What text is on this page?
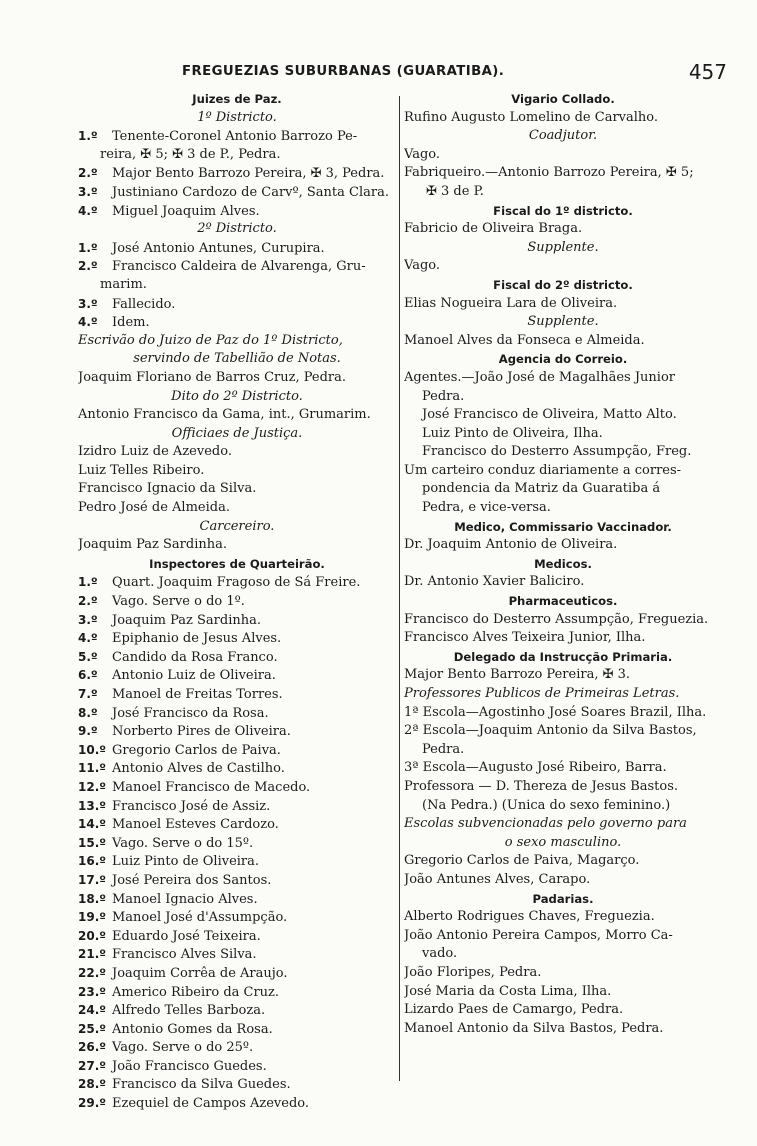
FREGUEZIAS SUBURBANAS (GUARATIBA).	457
Juizes de Paz.
1º Districto.
1.º Tenente-Coronel Antonio Barrozo Pe-
reira, ✠ 5; ✠ 3 de P., Pedra.
2.º Major Bento Barrozo Pereira, ✠ 3, Pedra.
3.º Justiniano Cardozo de Carvº, Santa Clara.
4.º Miguel Joaquim Alves.
2º Districto.
1.º José Antonio Antunes, Curupira.
2.º Francisco Caldeira de Alvarenga, Gru-
marim.
3.º Fallecido.
4.º Idem.
Escrivão do Juizo de Paz do 1º Districto,
servindo de Tabellião de Notas.
Joaquim Floriano de Barros Cruz, Pedra.
Dito do 2º Districto.
Antonio Francisco da Gama, int., Grumarim.
Officiaes de Justiça.
Izidro Luiz de Azevedo.
Luiz Telles Ribeiro.
Francisco Ignacio da Silva.
Pedro José de Almeida.
Carcereiro.
Joaquim Paz Sardinha.
Inspectores de Quarteirão.
1.º Quart. Joaquim Fragoso de Sá Freire.
2.º Vago. Serve o do 1º.
3.º Joaquim Paz Sardinha.
4.º Epiphanio de Jesus Alves.
5.º Candido da Rosa Franco.
6.º Antonio Luiz de Oliveira.
7.º Manoel de Freitas Torres.
8.º José Francisco da Rosa.
9.º Norberto Pires de Oliveira.
10.º Gregorio Carlos de Paiva.
11.º Antonio Alves de Castilho.
12.º Manoel Francisco de Macedo.
13.º Francisco José de Assiz.
14.º Manoel Esteves Cardozo.
15.º Vago. Serve o do 15º.
16.º Luiz Pinto de Oliveira.
17.º José Pereira dos Santos.
18.º Manoel Ignacio Alves.
19.º Manoel José d'Assumpção.
20.º Eduardo José Teixeira.
21.º Francisco Alves Silva.
22.º Joaquim Corrêa de Araujo.
23.º Americo Ribeiro da Cruz.
24.º Alfredo Telles Barboza.
25.º Antonio Gomes da Rosa.
26.º Vago. Serve o do 25º.
27.º João Francisco Guedes.
28.º Francisco da Silva Guedes.
29.º Ezequiel de Campos Azevedo.
Vigario Collado.
Rufino Augusto Lomelino de Carvalho.
Coadjutor.
Vago.
Fabriqueiro.—Antonio Barrozo Pereira, ✠ 5;
✠ 3 de P.
Fiscal do 1º districto.
Fabricio de Oliveira Braga.
Supplente.
Vago.
Fiscal do 2º districto.
Elias Nogueira Lara de Oliveira.
Supplente.
Manoel Alves da Fonseca e Almeida.
Agencia do Correio.
Agentes.—João José de Magalhães Junior
Pedra.
José Francisco de Oliveira, Matto Alto.
Luiz Pinto de Oliveira, Ilha.
Francisco do Desterro Assumpção, Freg.
Um carteiro conduz diariamente a corres-
pondencia da Matriz da Guaratiba á
Pedra, e vice-versa.
Medico, Commissario Vaccinador.
Dr. Joaquim Antonio de Oliveira.
Medicos.
Dr. Antonio Xavier Baliciro.
Pharmaceuticos.
Francisco do Desterro Assumpção, Freguezia.
Francisco Alves Teixeira Junior, Ilha.
Delegado da Instrucção Primaria.
Major Bento Barrozo Pereira, ✠ 3.
Professores Publicos de Primeiras Letras.
1ª Escola—Agostinho José Soares Brazil, Ilha.
2ª Escola—Joaquim Antonio da Silva Bastos,
Pedra.
3ª Escola—Augusto José Ribeiro, Barra.
Professora — D. Thereza de Jesus Bastos.
(Na Pedra.) (Unica do sexo feminino.)
Escolas subvencionadas pelo governo para
o sexo masculino.
Gregorio Carlos de Paiva, Magarço.
João Antunes Alves, Carapo.
Padarias.
Alberto Rodrigues Chaves, Freguezia.
João Antonio Pereira Campos, Morro Ca-
vado.
João Floripes, Pedra.
José Maria da Costa Lima, Ilha.
Lizardo Paes de Camargo, Pedra.
Manoel Antonio da Silva Bastos, Pedra.
